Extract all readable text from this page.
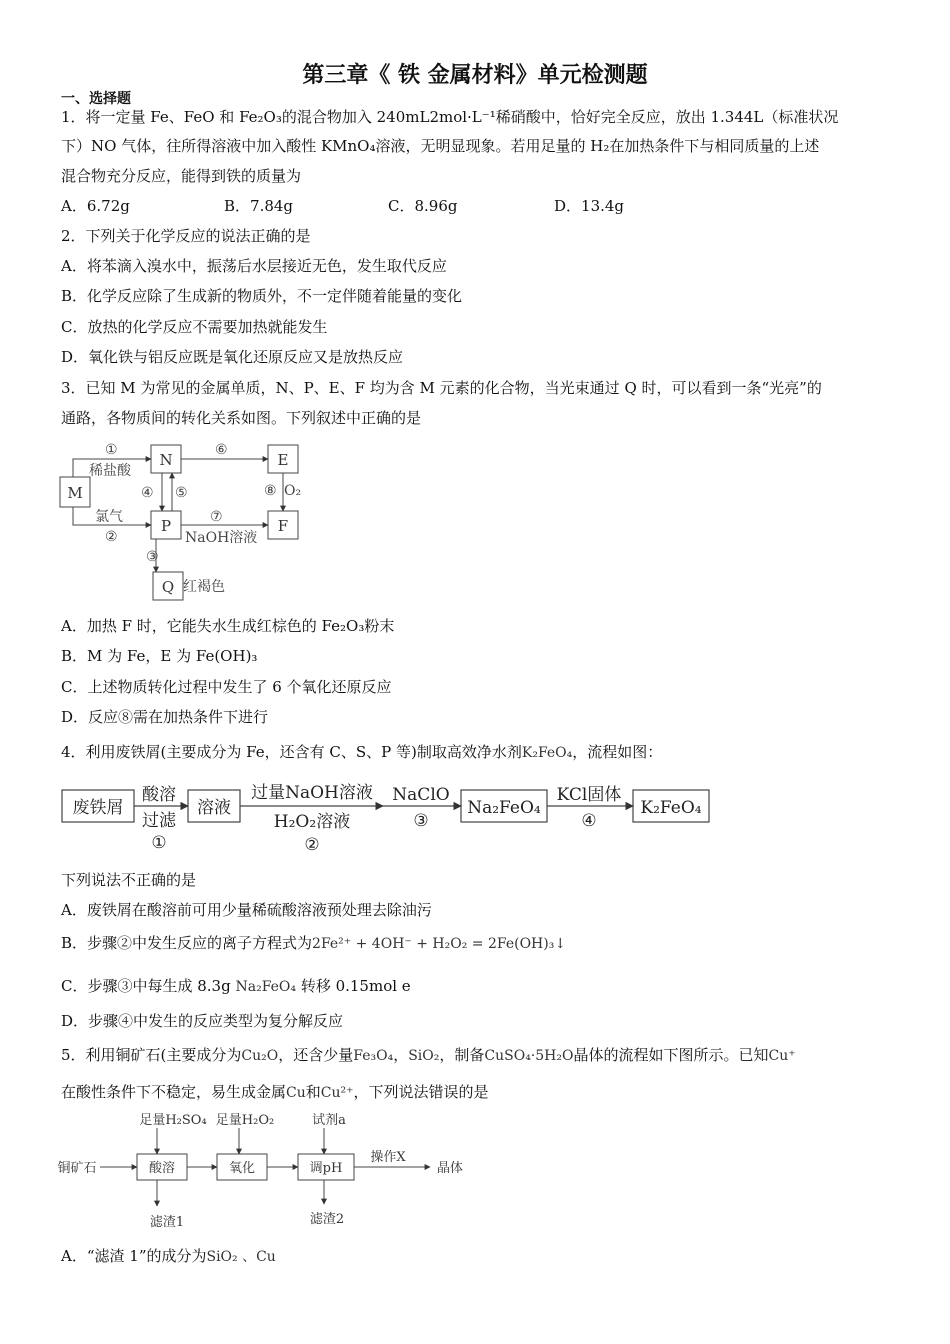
第三章《 铁 金属材料》单元检测题
一、选择题
1．将一定量 Fe、FeO 和 Fe₂O₃的混合物加入 240mL2mol·L⁻¹稀硝酸中，恰好完全反应，放出 1.344L（标准状况
下）NO 气体，往所得溶液中加入酸性 KMnO₄溶液，无明显现象。若用足量的 H₂在加热条件下与相同质量的上述
混合物充分反应，能得到铁的质量为
A．6.72g	B．7.84g	C．8.96g	D．13.4g
2．下列关于化学反应的说法正确的是
A．将苯滴入溴水中，振荡后水层接近无色，发生取代反应
B．化学反应除了生成新的物质外，不一定伴随着能量的变化
C．放热的化学反应不需要加热就能发生
D．氧化铁与铝反应既是氧化还原反应又是放热反应
3．已知 M 为常见的金属单质，N、P、E、F 均为含 M 元素的化合物，当光束通过 Q 时，可以看到一条“光亮”的
通路，各物质间的转化关系如图。下列叙述中正确的是
M
N
P
E
F
Q
①
稀盐酸
氯气
②
⑥
⑦
NaOH溶液
⑧ O₂
④ ⑤
③
红褐色
A．加热 F 时，它能失水生成红棕色的 Fe₂O₃粉末
B．M 为 Fe，E 为 Fe(OH)₃
C．上述物质转化过程中发生了 6 个氧化还原反应
D．反应⑧需在加热条件下进行
4．利用废铁屑(主要成分为 Fe，还含有 C、S、P 等)制取高效净水剂K₂FeO₄，流程如图：
废铁屑	溶液	Na₂FeO₄	K₂FeO₄
酸溶
过滤
①
过量NaOH溶液
H₂O₂溶液
②
NaClO
③
KCl固体
④
下列说法不正确的是
A．废铁屑在酸溶前可用少量稀硫酸溶液预处理去除油污
B．步骤②中发生反应的离子方程式为2Fe²⁺ + 4OH⁻ + H₂O₂ = 2Fe(OH)₃↓
C．步骤③中每生成 8.3g Na₂FeO₄ 转移 0.15mol e
D．步骤④中发生的反应类型为复分解反应
5．利用铜矿石(主要成分为Cu₂O，还含少量Fe₃O₄，SiO₂，制备CuSO₄·5H₂O晶体的流程如下图所示。已知Cu⁺
在酸性条件下不稳定，易生成金属Cu和Cu²⁺，下列说法错误的是
铜矿石	酸溶	氧化	调pH	晶体
足量H₂SO₄ 足量H₂O₂	试剂a
操作X
滤渣1	滤渣2
A．“滤渣 1”的成分为SiO₂ 、Cu
